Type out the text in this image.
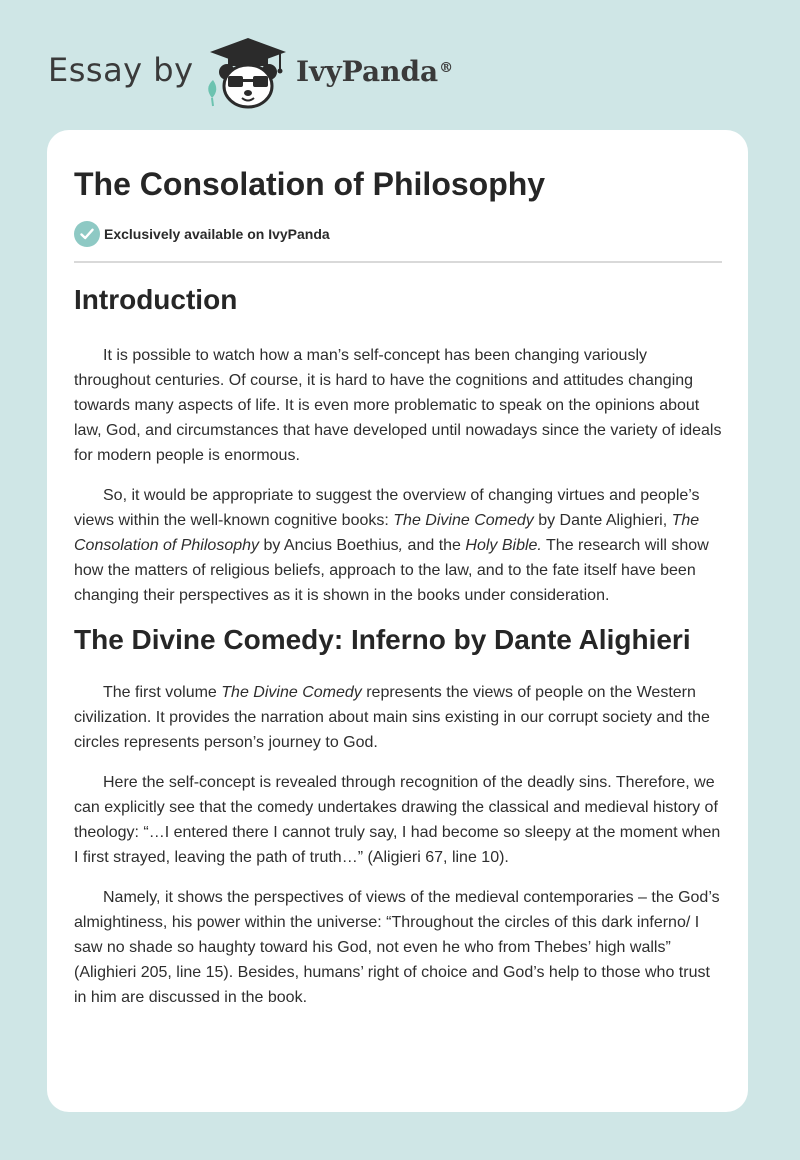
Essay by	IvyPanda®
The Consolation of Philosophy
Exclusively available on IvyPanda
Introduction

It is possible to watch how a man’s self-concept has been changing variously throughout centuries. Of course, it is hard to have the cognitions and attitudes changing towards many aspects of life. It is even more problematic to speak on the opinions about law, God, and circumstances that have developed until nowadays since the variety of ideals for modern people is enormous.

So, it would be appropriate to suggest the overview of changing virtues and people’s views within the well-known cognitive books: The Divine Comedy by Dante Alighieri, The Consolation of Philosophy by Ancius Boethius, and the Holy Bible. The research will show how the matters of religious beliefs, approach to the law, and to the fate itself have been changing their perspectives as it is shown in the books under consideration.

The Divine Comedy: Inferno by Dante Alighieri

The first volume The Divine Comedy represents the views of people on the Western civilization. It provides the narration about main sins existing in our corrupt society and the circles represents person’s journey to God.

Here the self-concept is revealed through recognition of the deadly sins. Therefore, we can explicitly see that the comedy undertakes drawing the classical and medieval history of theology: “…I entered there I cannot truly say, I had become so sleepy at the moment when I first strayed, leaving the path of truth…” (Aligieri 67, line 10).

Namely, it shows the perspectives of views of the medieval contemporaries – the God’s almightiness, his power within the universe: “Throughout the circles of this dark inferno/ I saw no shade so haughty toward his God, not even he who from Thebes’ high walls” (Alighieri 205, line 15). Besides, humans’ right of choice and God’s help to those who trust in him are discussed in the book.
